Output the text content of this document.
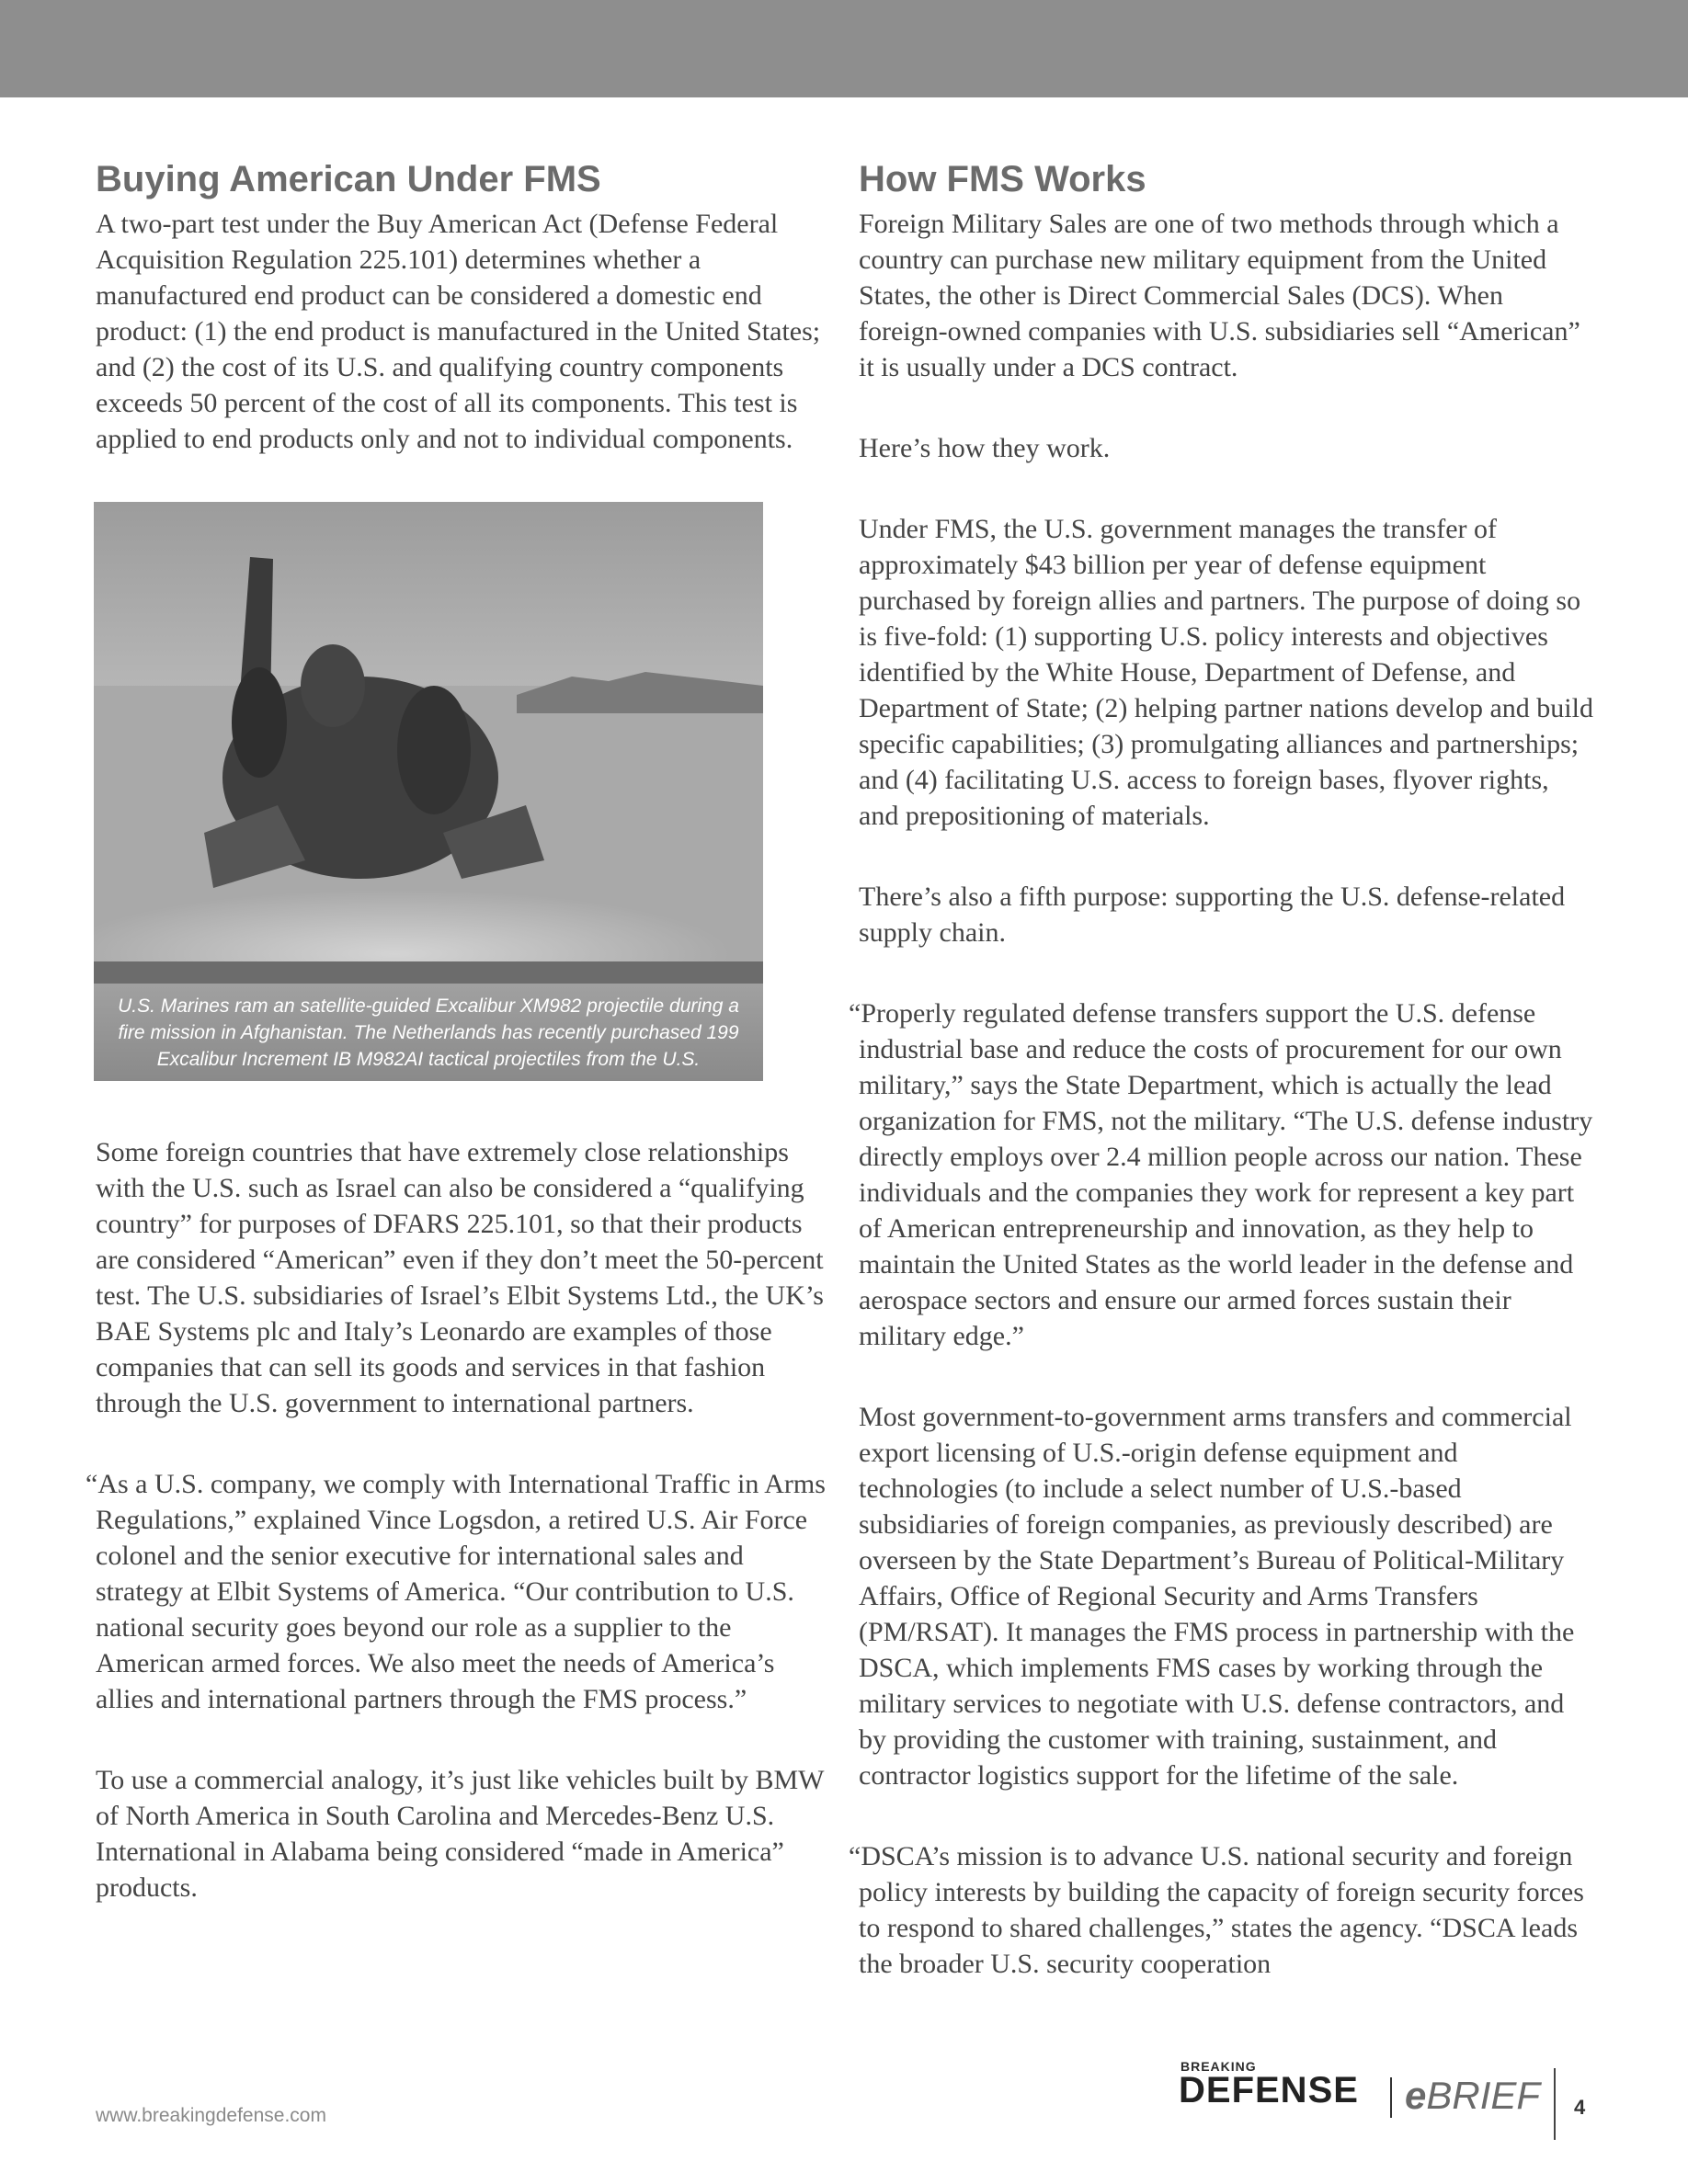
Buying American Under FMS

A two-part test under the Buy American Act (Defense Federal Acquisition Regulation 225.101) determines whether a manufactured end product can be considered a domestic end product: (1) the end product is manufactured in the United States; and (2) the cost of its U.S. and qualifying country components exceeds 50 percent of the cost of all its components. This test is applied to end products only and not to individual components.

U.S. Marines ram an satellite-guided Excalibur XM982 projectile during a fire mission in Afghanistan. The Netherlands has recently purchased 199 Excalibur Increment IB M982AI tactical projectiles from the U.S.

Some foreign countries that have extremely close relationships with the U.S. such as Israel can also be considered a “qualifying country” for purposes of DFARS 225.101, so that their products are considered “American” even if they don’t meet the 50-percent test. The U.S. subsidiaries of Israel’s Elbit Systems Ltd., the UK’s BAE Systems plc and Italy’s Leonardo are examples of those companies that can sell its goods and services in that fashion through the U.S. government to international partners.

“As a U.S. company, we comply with International Traffic in Arms Regulations,” explained Vince Logsdon, a retired U.S. Air Force colonel and the senior executive for international sales and strategy at Elbit Systems of America. “Our contribution to U.S. national security goes beyond our role as a supplier to the American armed forces. We also meet the needs of America’s allies and international partners through the FMS process.”

To use a commercial analogy, it’s just like vehicles built by BMW of North America in South Carolina and Mercedes-Benz U.S. International in Alabama being considered “made in America” products.

How FMS Works

Foreign Military Sales are one of two methods through which a country can purchase new military equipment from the United States, the other is Direct Commercial Sales (DCS). When foreign-owned companies with U.S. subsidiaries sell “American” it is usually under a DCS contract.

Here’s how they work.

Under FMS, the U.S. government manages the transfer of approximately $43 billion per year of defense equipment purchased by foreign allies and partners. The purpose of doing so is five-fold: (1) supporting U.S. policy interests and objectives identified by the White House, Department of Defense, and Department of State; (2) helping partner nations develop and build specific capabilities; (3) promulgating alliances and partnerships; and (4) facilitating U.S. access to foreign bases, flyover rights, and prepositioning of materials.

There’s also a fifth purpose: supporting the U.S. defense-related supply chain.

“Properly regulated defense transfers support the U.S. defense industrial base and reduce the costs of procurement for our own military,” says the State Department, which is actually the lead organization for FMS, not the military. “The U.S. defense industry directly employs over 2.4 million people across our nation. These individuals and the companies they work for represent a key part of American entrepreneurship and innovation, as they help to maintain the United States as the world leader in the defense and aerospace sectors and ensure our armed forces sustain their military edge.”

Most government-to-government arms transfers and commercial export licensing of U.S.-origin defense equipment and technologies (to include a select number of U.S.-based subsidiaries of foreign companies, as previously described) are overseen by the State Department’s Bureau of Political-Military Affairs, Office of Regional Security and Arms Transfers (PM/RSAT). It manages the FMS process in partnership with the DSCA, which implements FMS cases by working through the military services to negotiate with U.S. defense contractors, and by providing the customer with training, sustainment, and contractor logistics support for the lifetime of the sale.

“DSCA’s mission is to advance U.S. national security and foreign policy interests by building the capacity of foreign security forces to respond to shared challenges,” states the agency. “DSCA leads the broader U.S. security cooperation

www.breakingdefense.com
BREAKING
DEFENSE eBRIEF 4
